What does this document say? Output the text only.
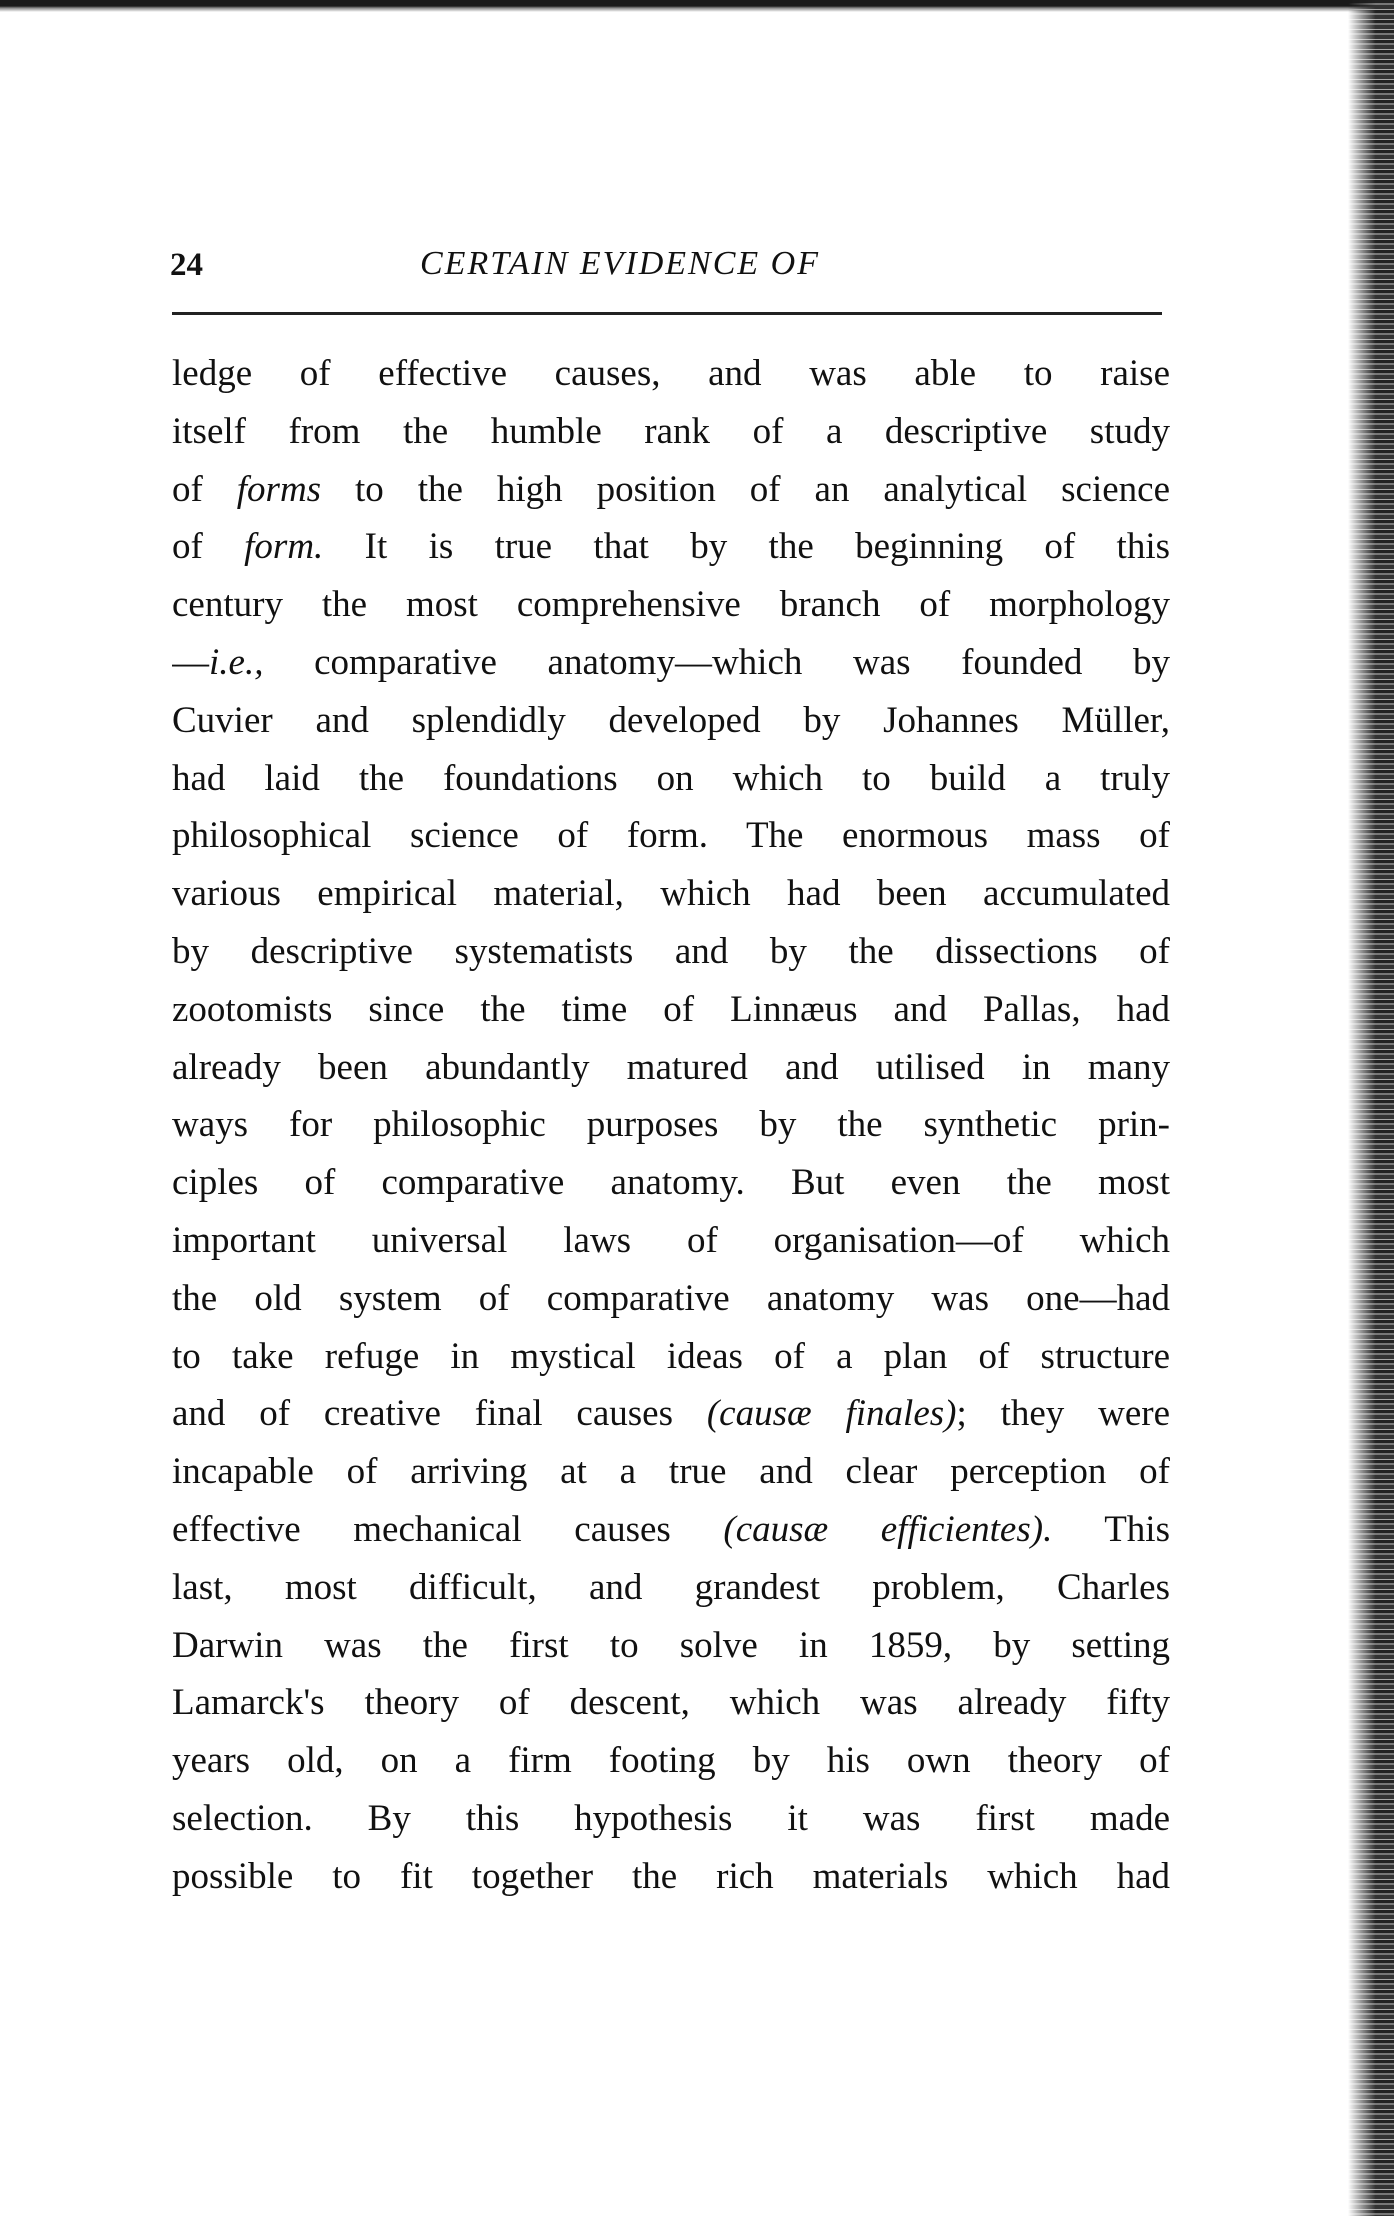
24	CERTAIN EVIDENCE OF
ledge of effective causes, and was able to raise
itself from the humble rank of a descriptive study
of forms to the high position of an analytical science
of form. It is true that by the beginning of this
century the most comprehensive branch of morphology
—i.e., comparative anatomy—which was founded by
Cuvier and splendidly developed by Johannes Müller,
had laid the foundations on which to build a truly
philosophical science of form. The enormous mass of
various empirical material, which had been accumulated
by descriptive systematists and by the dissections of
zootomists since the time of Linnæus and Pallas, had
already been abundantly matured and utilised in many
ways for philosophic purposes by the synthetic prin-
ciples of comparative anatomy. But even the most
important universal laws of organisation—of which
the old system of comparative anatomy was one—had
to take refuge in mystical ideas of a plan of structure
and of creative final causes (causæ finales); they were
incapable of arriving at a true and clear perception of
effective mechanical causes (causæ efficientes). This
last, most difficult, and grandest problem, Charles
Darwin was the first to solve in 1859, by setting
Lamarck's theory of descent, which was already fifty
years old, on a firm footing by his own theory of
selection. By this hypothesis it was first made
possible to fit together the rich materials which had
